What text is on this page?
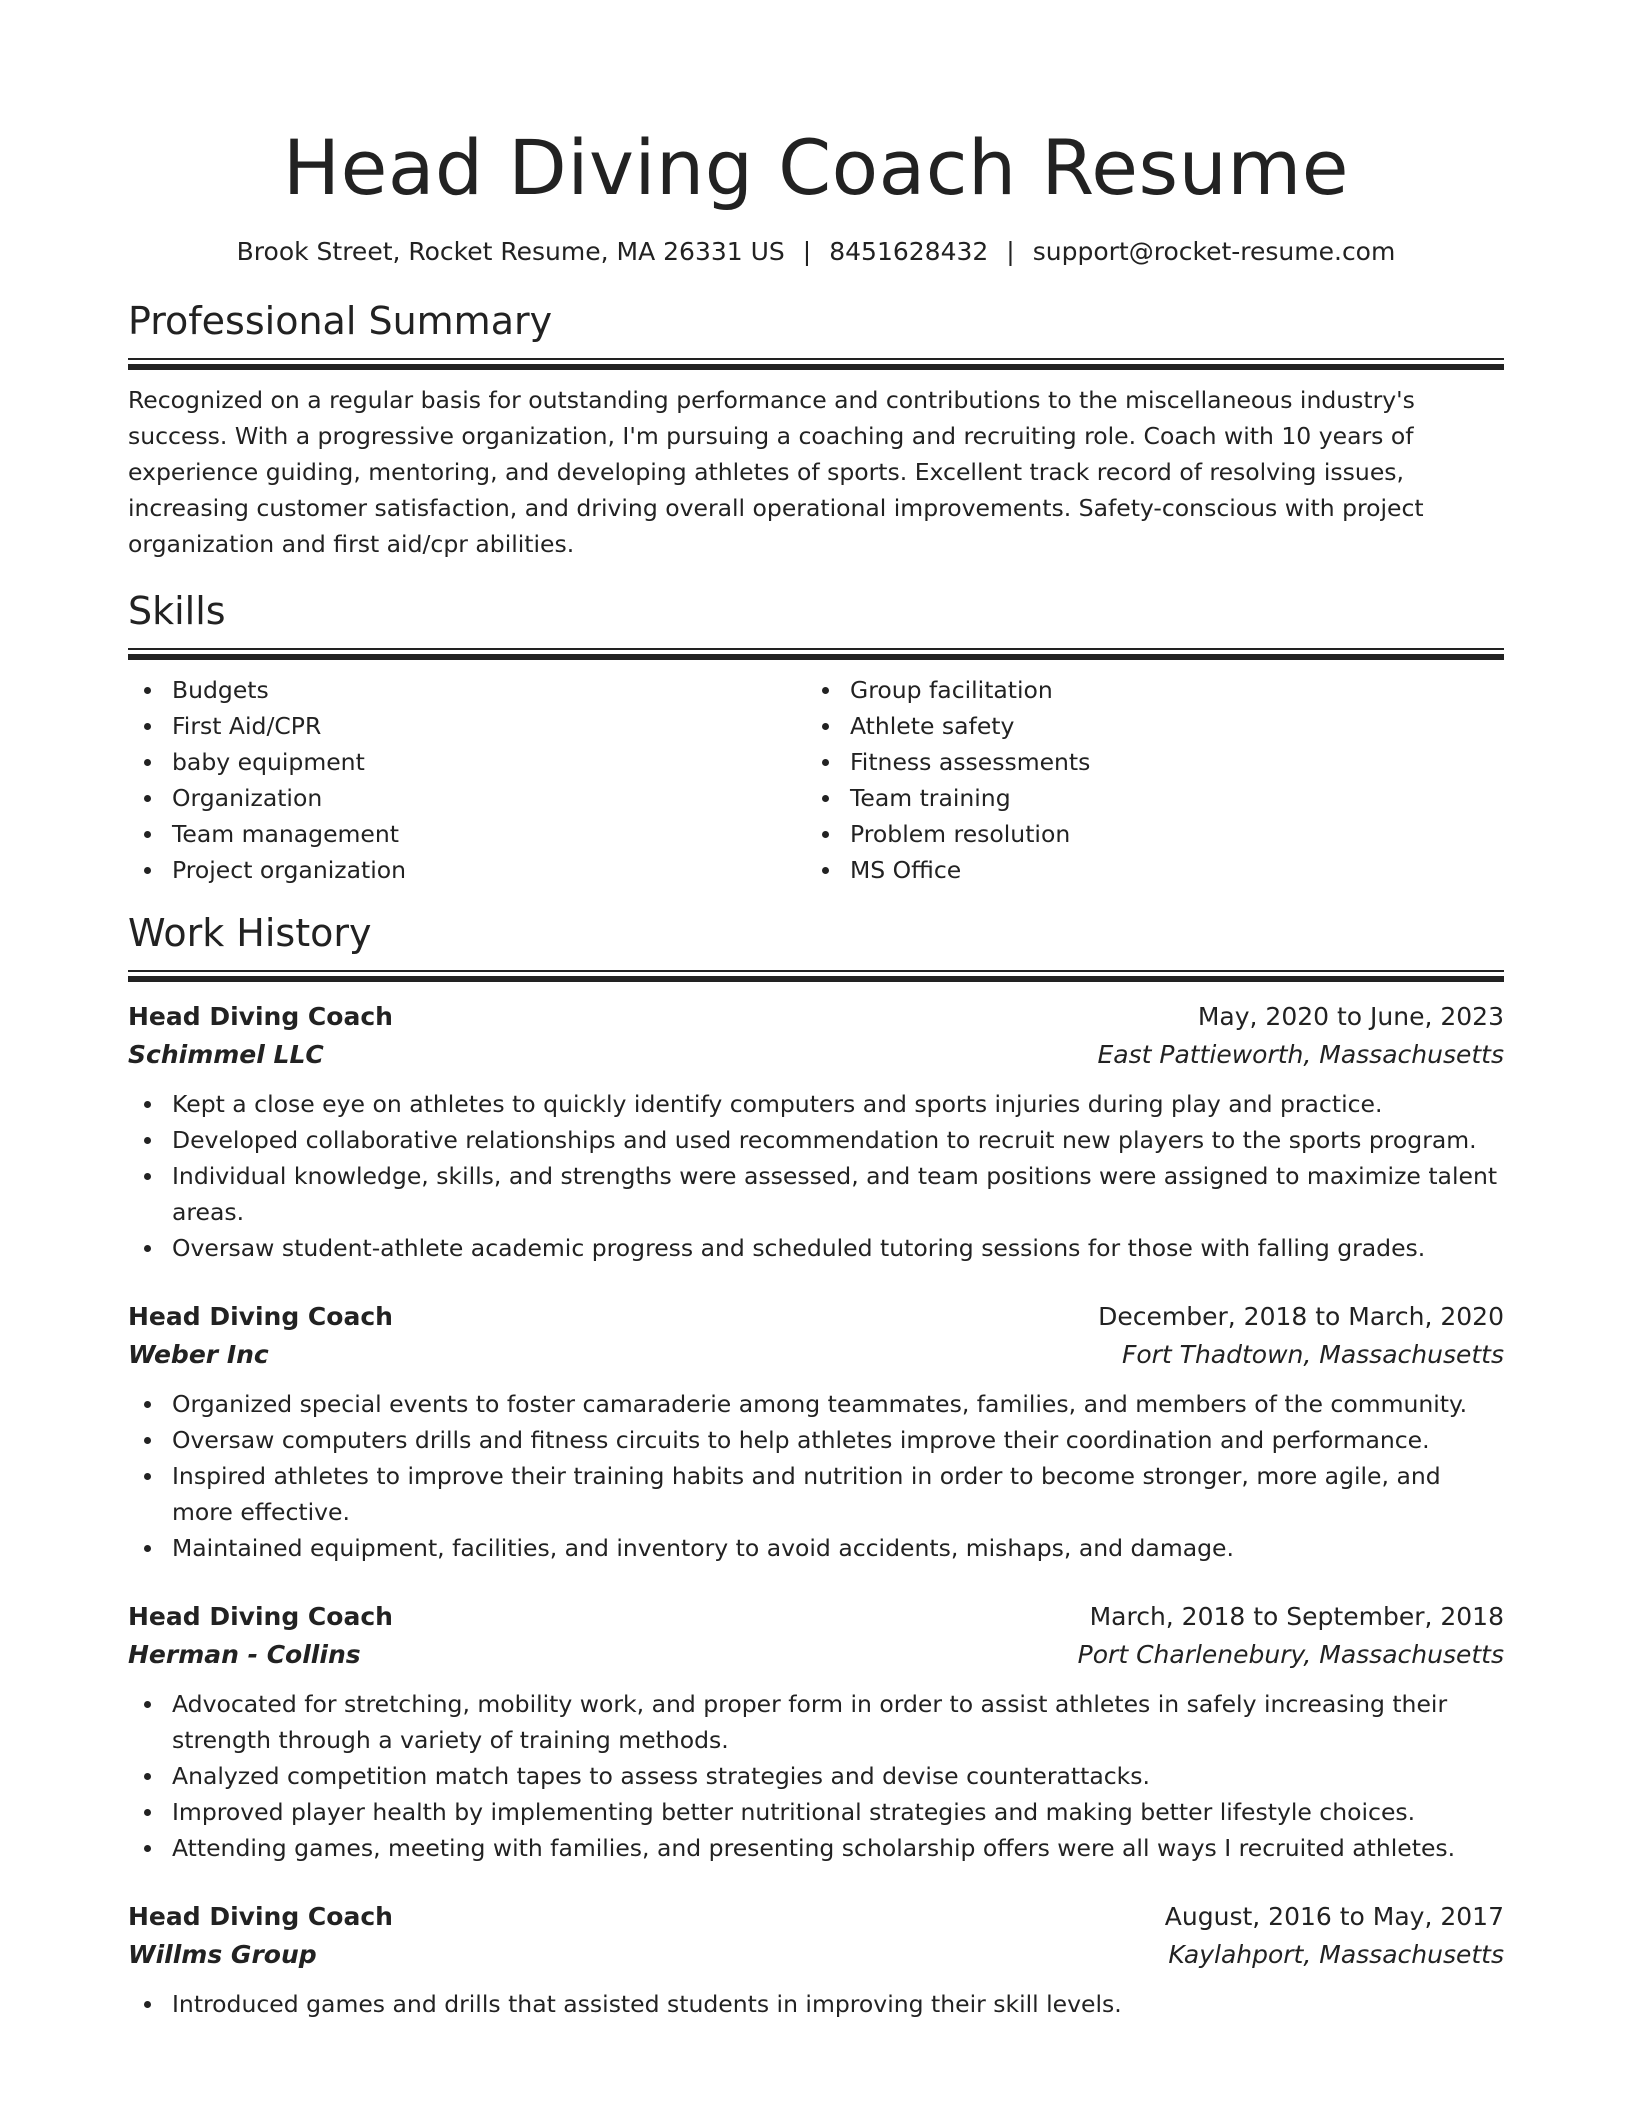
Head Diving Coach Resume
Brook Street, Rocket Resume, MA 26331 US | 8451628432 | support@rocket-resume.com
Professional Summary

Recognized on a regular basis for outstanding performance and contributions to the miscellaneous industry's success. With a progressive organization, I'm pursuing a coaching and recruiting role. Coach with 10 years of experience guiding, mentoring, and developing athletes of sports. Excellent track record of resolving issues, increasing customer satisfaction, and driving overall operational improvements. Safety-conscious with project organization and first aid/cpr abilities.

Skills
Budgets
First Aid/CPR
baby equipment
Organization
Team management
Project organization
Group facilitation
Athlete safety
Fitness assessments
Team training
Problem resolution
MS Office
Work History
Head Diving Coach	May, 2020 to June, 2023
Schimmel LLC	East Pattieworth, Massachusetts
Kept a close eye on athletes to quickly identify computers and sports injuries during play and practice.
Developed collaborative relationships and used recommendation to recruit new players to the sports program.
Individual knowledge, skills, and strengths were assessed, and team positions were assigned to maximize talent areas.
Oversaw student-athlete academic progress and scheduled tutoring sessions for those with falling grades.
Head Diving Coach	December, 2018 to March, 2020
Weber Inc	Fort Thadtown, Massachusetts
Organized special events to foster camaraderie among teammates, families, and members of the community.
Oversaw computers drills and fitness circuits to help athletes improve their coordination and performance.
Inspired athletes to improve their training habits and nutrition in order to become stronger, more agile, and more effective.
Maintained equipment, facilities, and inventory to avoid accidents, mishaps, and damage.
Head Diving Coach	March, 2018 to September, 2018
Herman - Collins	Port Charlenebury, Massachusetts
Advocated for stretching, mobility work, and proper form in order to assist athletes in safely increasing their strength through a variety of training methods.
Analyzed competition match tapes to assess strategies and devise counterattacks.
Improved player health by implementing better nutritional strategies and making better lifestyle choices.
Attending games, meeting with families, and presenting scholarship offers were all ways I recruited athletes.
Head Diving Coach	August, 2016 to May, 2017
Willms Group	Kaylahport, Massachusetts
Introduced games and drills that assisted students in improving their skill levels.
